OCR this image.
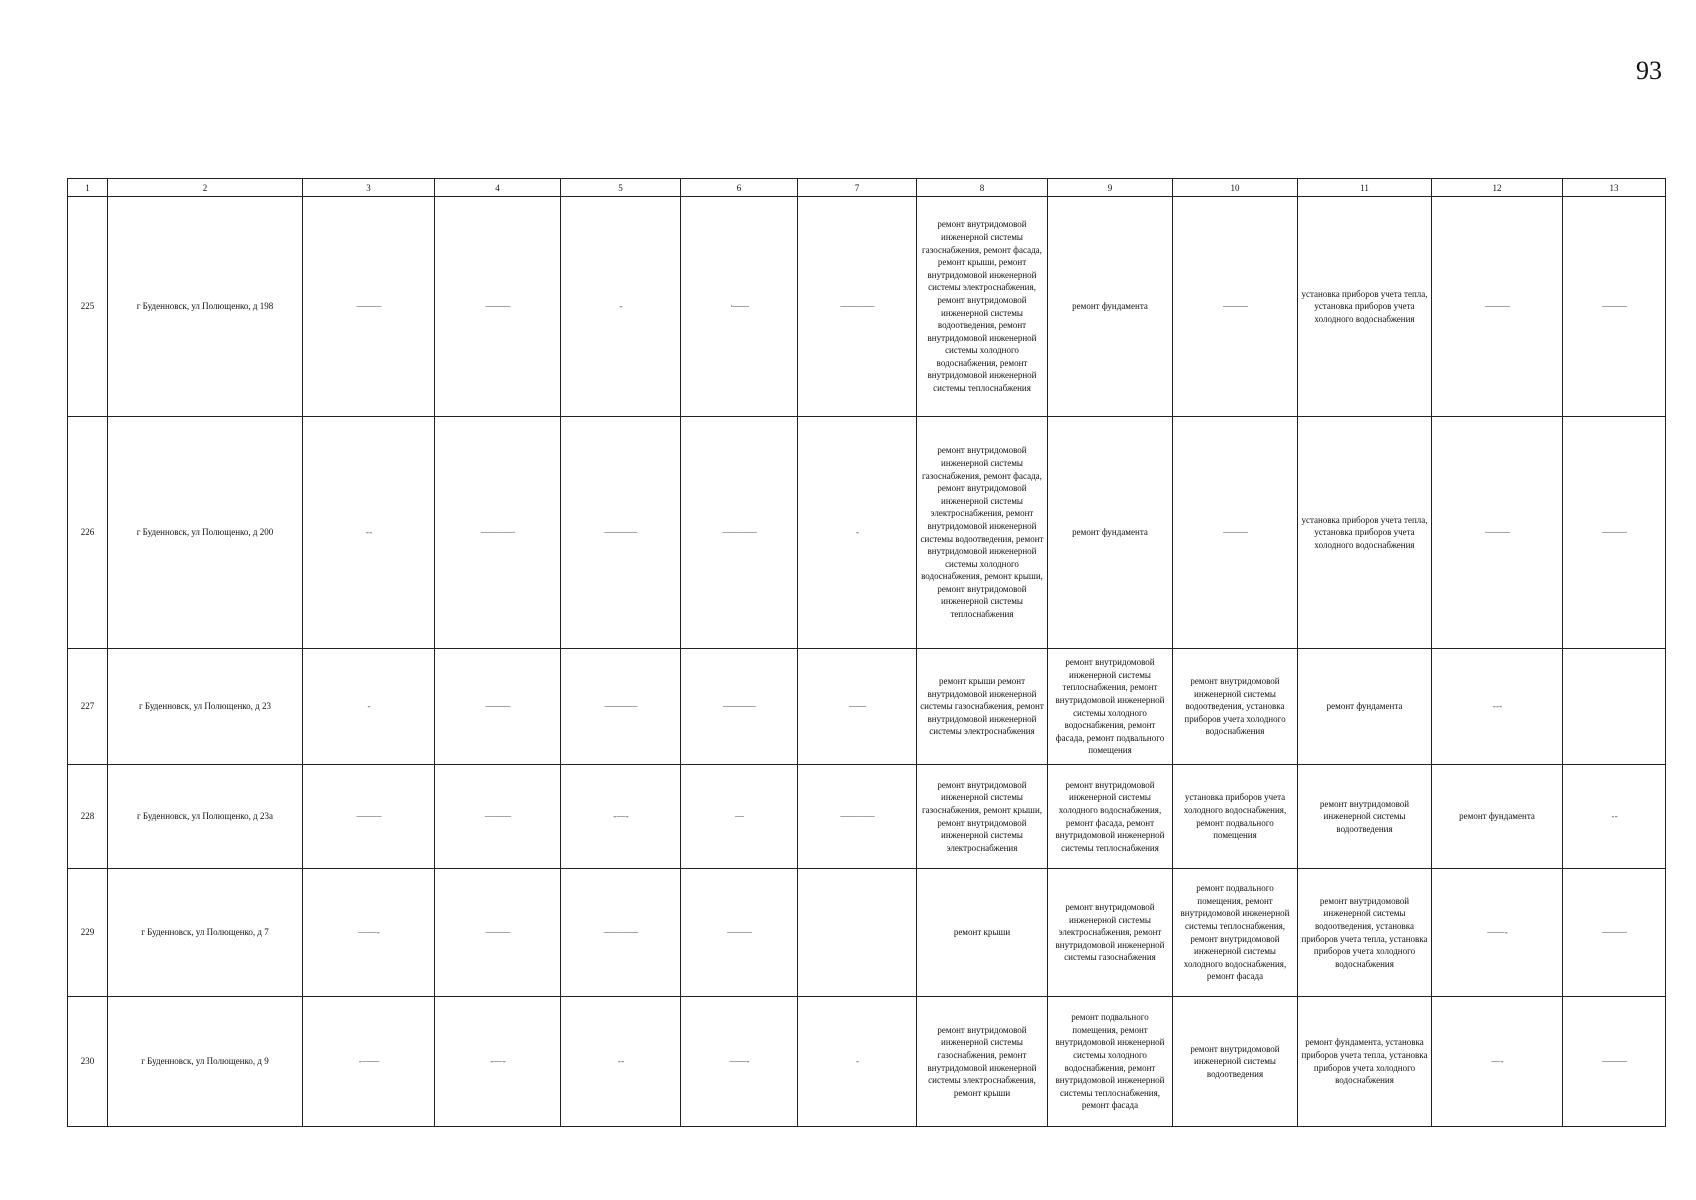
93
1	2	3	4	5	6	7	8	9	10	11	12	13
225	г Буденновск, ул Полющенко, д 198	———	———	-	·——	—— ——	ремонт внутридомовой инженерной системы газоснабжения, ремонт фасада, ремонт крыши, ремонт внутридомовой инженерной системы электроснабжения, ремонт внутридомовой инженерной системы водоотведения, ремонт внутридомовой инженерной системы холодного водоснабжения, ремонт внутридомовой инженерной системы теплоснабжения	ремонт фундамента	———	установка приборов учета тепла, установка приборов учета холодного водоснабжения	———	———
226	г Буденновск, ул Полющенко, д 200	- -	—— ——	————	—— ——	-	ремонт внутридомовой инженерной системы газоснабжения, ремонт фасада, ремонт внутридомовой инженерной системы электроснабжения, ремонт внутридомовой инженерной системы водоотведения, ремонт внутридомовой инженерной системы холодного водоснабжения, ремонт крыши, ремонт внутридомовой инженерной системы теплоснабжения	ремонт фундамента	———	установка приборов учета тепла, установка приборов учета холодного водоснабжения	———	———
227	г Буденновск, ул Полющенко, д 23	-	———	————	————	——	ремонт крыши ремонт внутридомовой инженерной системы газоснабжения, ремонт внутридомовой инженерной системы электроснабжения	ремонт внутридомовой инженерной системы теплоснабжения, ремонт внутридомовой инженерной системы холодного водоснабжения, ремонт фасада, ремонт подвального помещения	ремонт внутридомовой инженерной системы водоотведения, установка приборов учета холодного водоснабжения	ремонт фундамента	- - -	
228	г Буденновск, ул Полющенко, д 23а	———	— ——	- — -	—	—— ——	ремонт внутридомовой инженерной системы газоснабжения, ремонт крыши, ремонт внутридомовой инженерной системы электроснабжения	ремонт внутридомовой инженерной системы холодного водоснабжения, ремонт фасада, ремонт внутридомовой инженерной системы теплоснабжения	установка приборов учета холодного водоснабжения, ремонт подвального помещения	ремонт внутридомовой инженерной системы водоотведения	ремонт фундамента	- -
229	г Буденновск, ул Полющенко, д 7	— — -	———	—— ——	———		ремонт крыши	ремонт внутридомовой инженерной системы электроснабжения, ремонт внутридомовой инженерной системы газоснабжения	ремонт подвального помещения, ремонт внутридомовой инженерной системы теплоснабжения, ремонт внутридомовой инженерной системы холодного водоснабжения, ремонт фасада	ремонт внутридомовой инженерной системы водоотведения, установка приборов учета тепла, установка приборов учета холодного водоснабжения	—— -	———
230	г Буденновск, ул Полющенко, д 9	- ——	- — -	- -	—— -	-	ремонт внутридомовой инженерной системы газоснабжения, ремонт внутридомовой инженерной системы электроснабжения, ремонт крыши	ремонт подвального помещения, ремонт внутридомовой инженерной системы холодного водоснабжения, ремонт внутридомовой инженерной системы теплоснабжения, ремонт фасада	ремонт внутридомовой инженерной системы водоотведения	ремонт фундамента, установка приборов учета тепла, установка приборов учета холодного водоснабжения	— -	———
